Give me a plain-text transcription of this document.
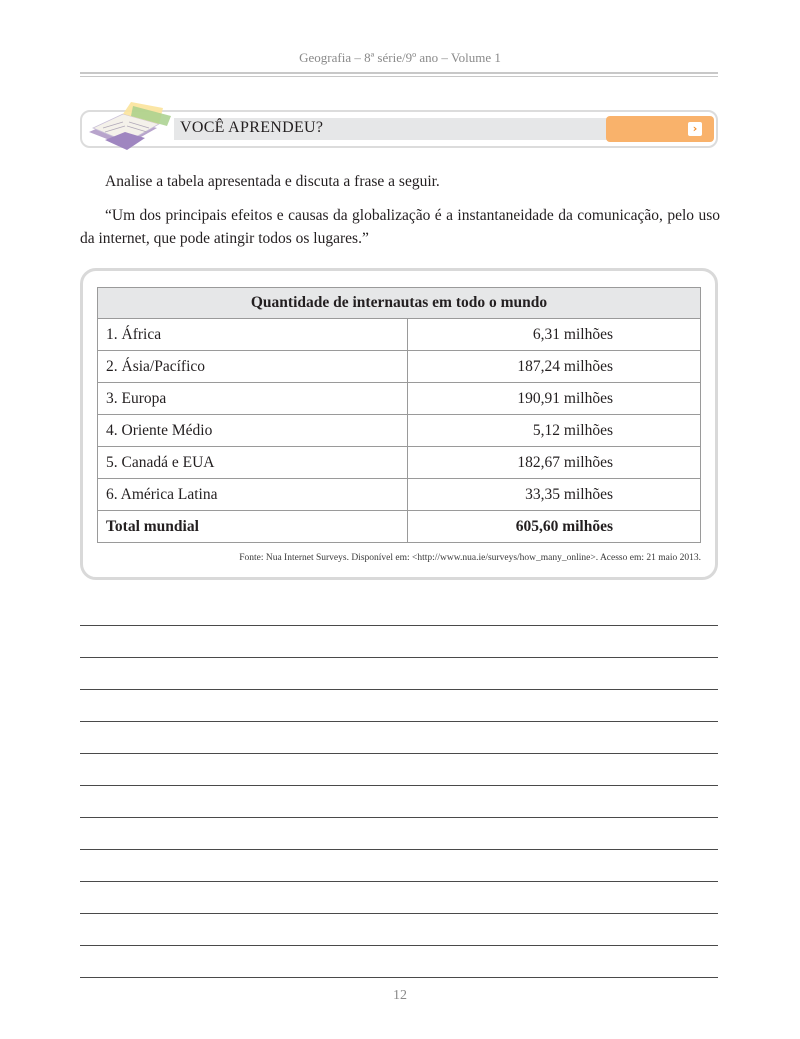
Geografia – 8ª série/9º ano – Volume 1
VOCÊ APRENDEU?	›
Analise a tabela apresentada e discuta a frase a seguir.
“Um dos principais efeitos e causas da globalização é a instantaneidade da comunicação, pelo uso da internet, que pode atingir todos os lugares.”
Quantidade de internautas em todo o mundo	
1. África	6,31 milhões
2. Ásia/Pacífico	187,24 milhões
3. Europa	190,91 milhões
4. Oriente Médio	5,12 milhões
5. Canadá e EUA	182,67 milhões
6. América Latina	33,35 milhões
Total mundial	605,60 milhões
Fonte: Nua Internet Surveys. Disponível em: <http://www.nua.ie/surveys/how_many_online>. Acesso em: 21 maio 2013.
12
